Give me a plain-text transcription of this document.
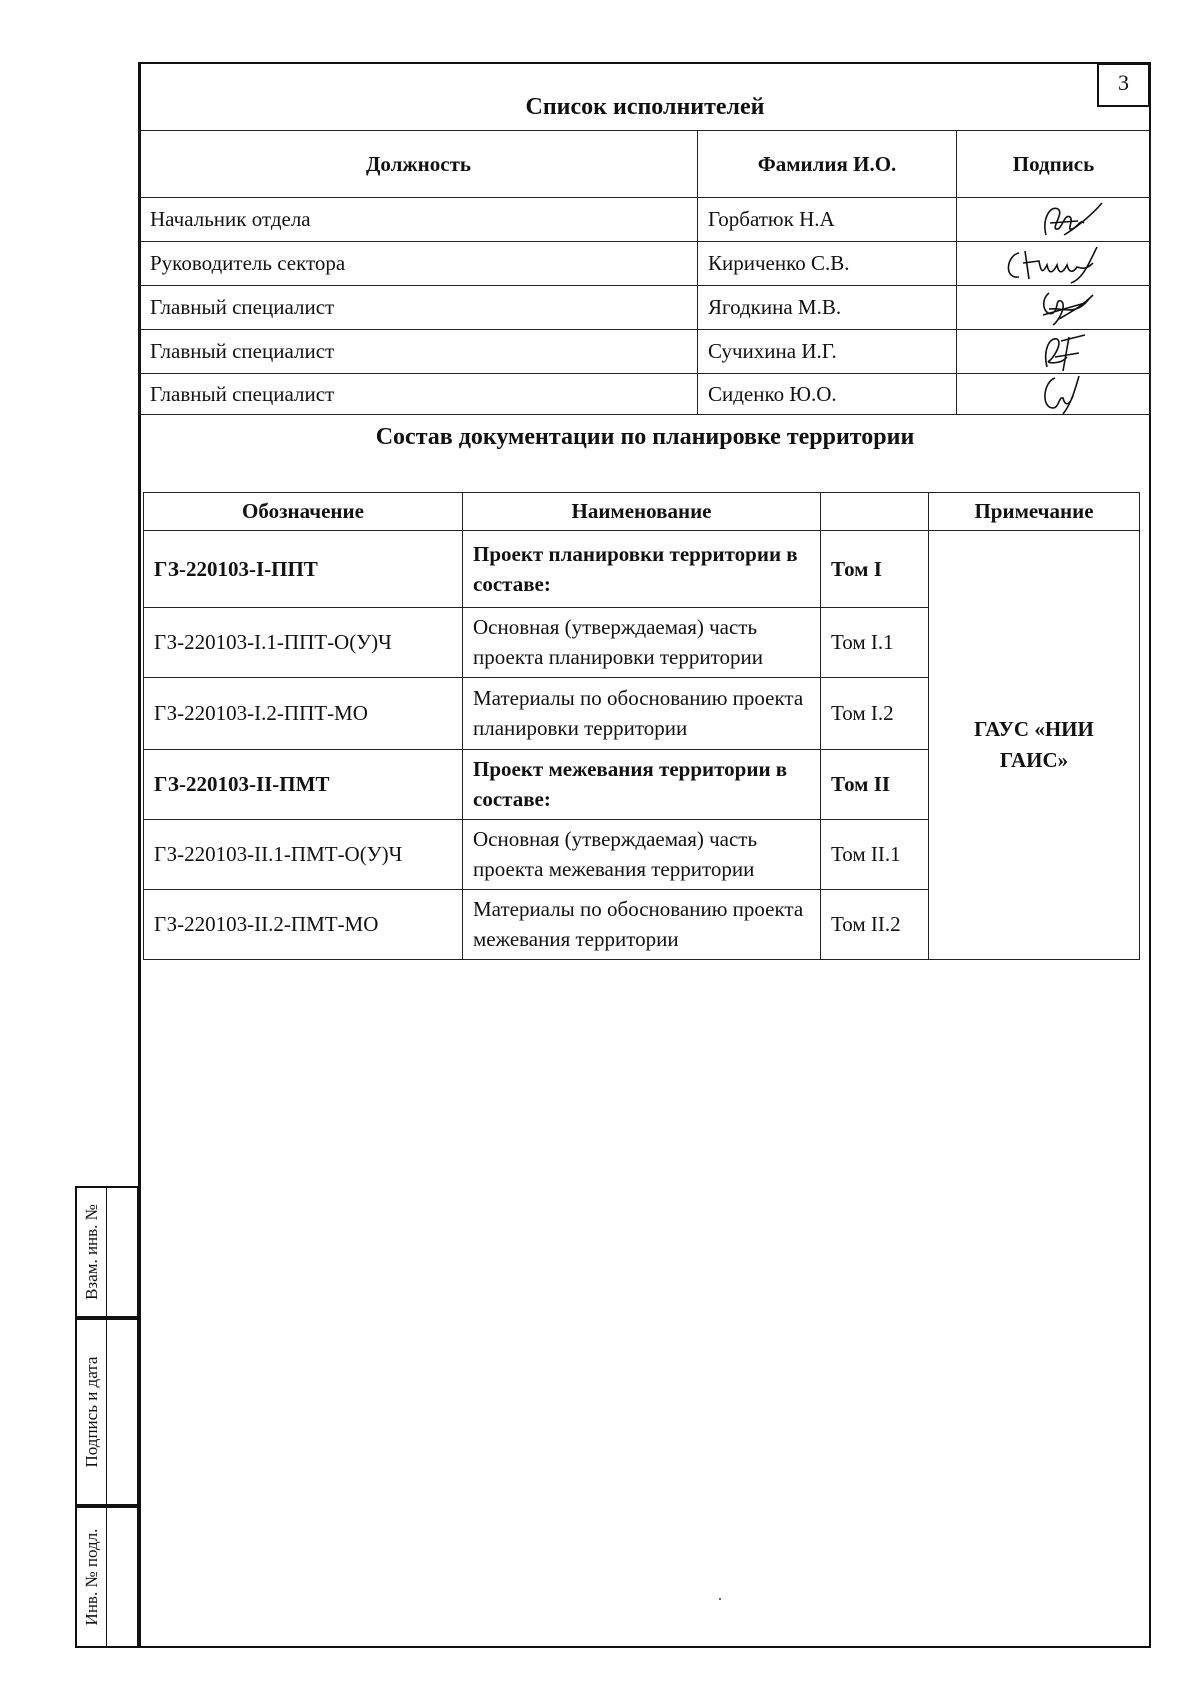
3
Список исполнителей
Должность	Фамилия И.О.	Подпись
Начальник отдела	Горбатюк Н.А	

Руководитель сектора	Кириченко С.В.	

Главный специалист	Ягодкина М.В.	

Главный специалист	Сучихина И.Г.	

Главный специалист	Сиденко Ю.О.	
Состав документации по планировке территории
Обозначение	Наименование		Примечание
ГЗ-220103-I-ППТ	Проект планировки территории в составе:	Том I	ГАУС «НИИ ГАИС»
ГЗ-220103-I.1-ППТ-О(У)Ч	Основная (утверждаемая) часть проекта планировки территории	Том I.1	
ГЗ-220103-I.2-ППТ-МО	Материалы по обоснованию проекта планировки территории	Том I.2	
ГЗ-220103-II-ПМТ	Проект межевания территории в составе:	Том II	
ГЗ-220103-II.1-ПМТ-О(У)Ч	Основная (утверждаемая) часть проекта межевания территории	Том II.1	
ГЗ-220103-II.2-ПМТ-МО	Материалы по обоснованию проекта межевания территории	Том II.2	
Взам. инв. №
Подпись и дата
Инв. № подл.
